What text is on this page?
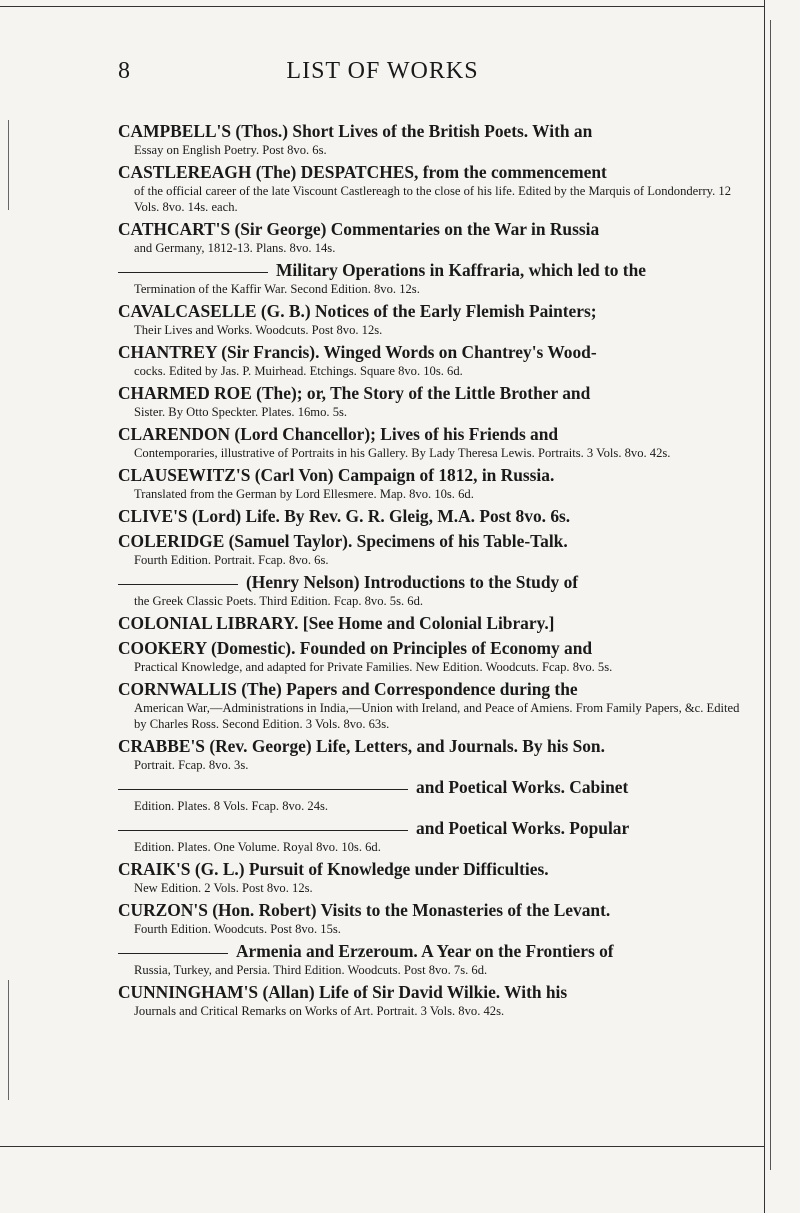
LIST OF WORKS
8
CAMPBELL'S (Thos.) Short Lives of the British Poets. With an
Essay on English Poetry. Post 8vo. 6s.
CASTLEREAGH (The) DESPATCHES, from the commencement
of the official career of the late Viscount Castlereagh to the close of his life. Edited by the Marquis of Londonderry. 12 Vols. 8vo. 14s. each.
CATHCART'S (Sir George) Commentaries on the War in Russia
and Germany, 1812-13. Plans. 8vo. 14s.
Military Operations in Kaffraria, which led to the
Termination of the Kaffir War. Second Edition. 8vo. 12s.
CAVALCASELLE (G. B.) Notices of the Early Flemish Painters;
Their Lives and Works. Woodcuts. Post 8vo. 12s.
CHANTREY (Sir Francis). Winged Words on Chantrey's Wood-
cocks. Edited by Jas. P. Muirhead. Etchings. Square 8vo. 10s. 6d.
CHARMED ROE (The); or, The Story of the Little Brother and
Sister. By Otto Speckter. Plates. 16mo. 5s.
CLARENDON (Lord Chancellor); Lives of his Friends and
Contemporaries, illustrative of Portraits in his Gallery. By Lady Theresa Lewis. Portraits. 3 Vols. 8vo. 42s.
CLAUSEWITZ'S (Carl Von) Campaign of 1812, in Russia.
Translated from the German by Lord Ellesmere. Map. 8vo. 10s. 6d.
CLIVE'S (Lord) Life. By Rev. G. R. Gleig, M.A. Post 8vo. 6s.
COLERIDGE (Samuel Taylor). Specimens of his Table-Talk.
Fourth Edition. Portrait. Fcap. 8vo. 6s.
(Henry Nelson) Introductions to the Study of
the Greek Classic Poets. Third Edition. Fcap. 8vo. 5s. 6d.
COLONIAL LIBRARY. [See Home and Colonial Library.]
COOKERY (Domestic). Founded on Principles of Economy and
Practical Knowledge, and adapted for Private Families. New Edition. Woodcuts. Fcap. 8vo. 5s.
CORNWALLIS (The) Papers and Correspondence during the
American War,—Administrations in India,—Union with Ireland, and Peace of Amiens. From Family Papers, &c. Edited by Charles Ross. Second Edition. 3 Vols. 8vo. 63s.
CRABBE'S (Rev. George) Life, Letters, and Journals. By his Son.
Portrait. Fcap. 8vo. 3s.
and Poetical Works. Cabinet
Edition. Plates. 8 Vols. Fcap. 8vo. 24s.
and Poetical Works. Popular
Edition. Plates. One Volume. Royal 8vo. 10s. 6d.
CRAIK'S (G. L.) Pursuit of Knowledge under Difficulties.
New Edition. 2 Vols. Post 8vo. 12s.
CURZON'S (Hon. Robert) Visits to the Monasteries of the Levant.
Fourth Edition. Woodcuts. Post 8vo. 15s.
Armenia and Erzeroum. A Year on the Frontiers of
Russia, Turkey, and Persia. Third Edition. Woodcuts. Post 8vo. 7s. 6d.
CUNNINGHAM'S (Allan) Life of Sir David Wilkie. With his
Journals and Critical Remarks on Works of Art. Portrait. 3 Vols. 8vo. 42s.
